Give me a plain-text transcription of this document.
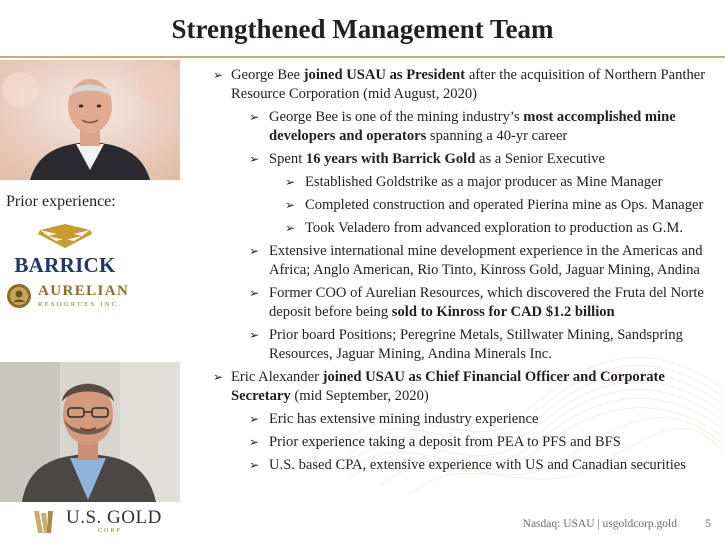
Strengthened Management Team
Prior experience:
BARRICK
AURELIAN
RESOURCES INC.
➢ George Bee joined USAU as President after the acquisition of Northern Panther Resource Corporation (mid August, 2020)
➢ George Bee is one of the mining industry’s most accomplished mine developers and operators spanning a 40-yr career
➢ Spent 16 years with Barrick Gold as a Senior Executive
➢ Established Goldstrike as a major producer as Mine Manager
➢ Completed construction and operated Pierina mine as Ops. Manager
➢ Took Veladero from advanced exploration to production as G.M.
➢ Extensive international mine development experience in the Americas and Africa; Anglo American, Rio Tinto, Kinross Gold, Jaguar Mining, Andina
➢ Former COO of Aurelian Resources, which discovered the Fruta del Norte deposit before being sold to Kinross for CAD $1.2 billion
➢ Prior board Positions; Peregrine Metals, Stillwater Mining, Sandspring Resources, Jaguar Mining, Andina Minerals Inc.
➢ Eric Alexander joined USAU as Chief Financial Officer and Corporate Secretary (mid September, 2020)
➢ Eric has extensive mining industry experience
➢ Prior experience taking a deposit from PEA to PFS and BFS
➢ U.S. based CPA, extensive experience with US and Canadian securities
U.S. GOLD
CORP
Nasdaq: USAU | usgoldcorp.gold 5
